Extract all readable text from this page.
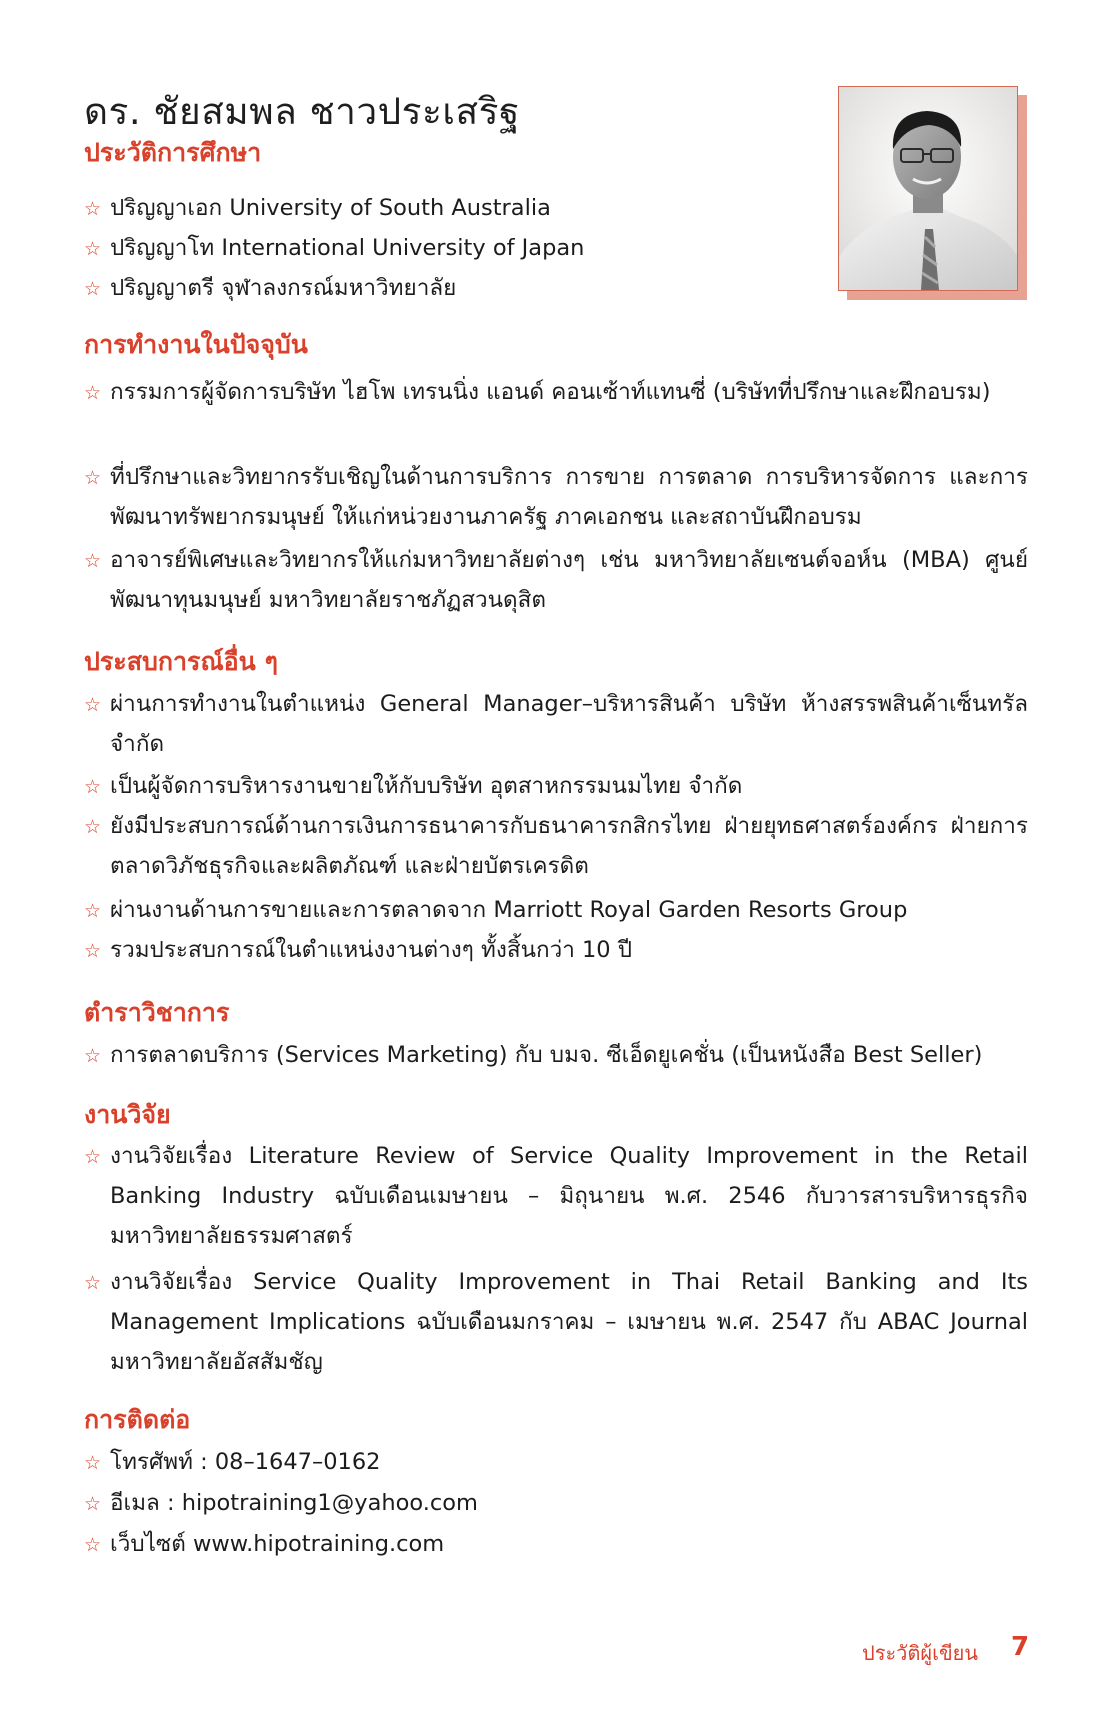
ดร. ชัยสมพล ชาวประเสริฐ
ประวัติการศึกษา
☆ ปริญญาเอก University of South Australia
☆ ปริญญาโท International University of Japan
☆ ปริญญาตรี จุฬาลงกรณ์มหาวิทยาลัย
การทำงานในปัจจุบัน
☆ กรรมการผู้จัดการบริษัท ไฮโพ เทรนนิ่ง แอนด์ คอนเซ้าท์แทนซี่ (บริษัทที่ปรึกษาและฝึกอบรม)
☆ ที่ปรึกษาและวิทยากรรับเชิญในด้านการบริการ การขาย การตลาด การบริหารจัดการ และการพัฒนาทรัพยากรมนุษย์ ให้แก่หน่วยงานภาครัฐ ภาคเอกชน และสถาบันฝึกอบรม
☆ อาจารย์พิเศษและวิทยากรให้แก่มหาวิทยาลัยต่างๆ เช่น มหาวิทยาลัยเซนต์จอห์น (MBA) ศูนย์พัฒนาทุนมนุษย์ มหาวิทยาลัยราชภัฏสวนดุสิต
ประสบการณ์อื่น ๆ
☆ ผ่านการทำงานในตำแหน่ง General Manager–บริหารสินค้า บริษัท ห้างสรรพสินค้าเซ็นทรัล จำกัด
☆ เป็นผู้จัดการบริหารงานขายให้กับบริษัท อุตสาหกรรมนมไทย จำกัด
☆ ยังมีประสบการณ์ด้านการเงินการธนาคารกับธนาคารกสิกรไทย ฝ่ายยุทธศาสตร์องค์กร ฝ่ายการตลาดวิภัชธุรกิจและผลิตภัณฑ์ และฝ่ายบัตรเครดิต
☆ ผ่านงานด้านการขายและการตลาดจาก Marriott Royal Garden Resorts Group
☆ รวมประสบการณ์ในตำแหน่งงานต่างๆ ทั้งสิ้นกว่า 10 ปี
ตำราวิชาการ
☆ การตลาดบริการ (Services Marketing) กับ บมจ. ซีเอ็ดยูเคชั่น (เป็นหนังสือ Best Seller)
งานวิจัย
☆ งานวิจัยเรื่อง Literature Review of Service Quality Improvement in the Retail Banking Industry ฉบับเดือนเมษายน – มิถุนายน พ.ศ. 2546 กับวารสารบริหารธุรกิจ มหาวิทยาลัยธรรมศาสตร์
☆ งานวิจัยเรื่อง Service Quality Improvement in Thai Retail Banking and Its Management Implications ฉบับเดือนมกราคม – เมษายน พ.ศ. 2547 กับ ABAC Journal มหาวิทยาลัยอัสสัมชัญ
การติดต่อ
☆ โทรศัพท์ : 08–1647–0162
☆ อีเมล : hipotraining1@yahoo.com
☆ เว็บไซต์ www.hipotraining.com
ประวัติผู้เขียน 7
